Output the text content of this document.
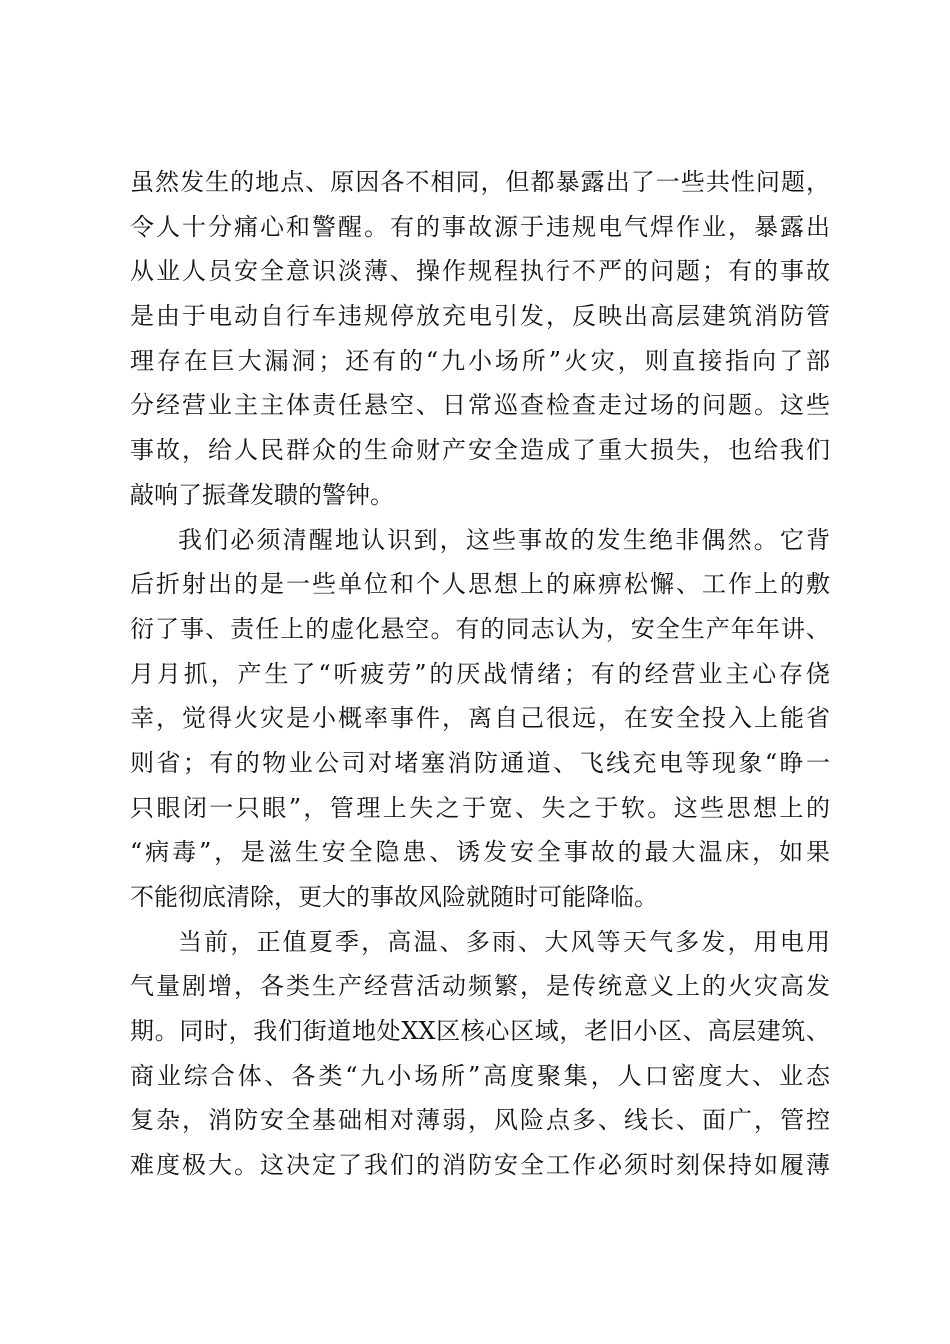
虽然发生的地点、原因各不相同，但都暴露出了一些共性问题，
令人十分痛心和警醒。有的事故源于违规电气焊作业，暴露出
从业人员安全意识淡薄、操作规程执行不严的问题；有的事故
是由于电动自行车违规停放充电引发，反映出高层建筑消防管
理存在巨大漏洞；还有的“九小场所”火灾，则直接指向了部
分经营业主主体责任悬空、日常巡查检查走过场的问题。这些
事故，给人民群众的生命财产安全造成了重大损失，也给我们
敲响了振聋发聩的警钟。
我们必须清醒地认识到，这些事故的发生绝非偶然。它背
后折射出的是一些单位和个人思想上的麻痹松懈、工作上的敷
衍了事、责任上的虚化悬空。有的同志认为，安全生产年年讲、
月月抓，产生了“听疲劳”的厌战情绪；有的经营业主心存侥
幸，觉得火灾是小概率事件，离自己很远，在安全投入上能省
则省；有的物业公司对堵塞消防通道、飞线充电等现象“睁一
只眼闭一只眼”，管理上失之于宽、失之于软。这些思想上的
“病毒”，是滋生安全隐患、诱发安全事故的最大温床，如果
不能彻底清除，更大的事故风险就随时可能降临。
当前，正值夏季，高温、多雨、大风等天气多发，用电用
气量剧增，各类生产经营活动频繁，是传统意义上的火灾高发
期。同时，我们街道地处XX区核心区域，老旧小区、高层建筑、
商业综合体、各类“九小场所”高度聚集，人口密度大、业态
复杂，消防安全基础相对薄弱，风险点多、线长、面广，管控
难度极大。这决定了我们的消防安全工作必须时刻保持如履薄
